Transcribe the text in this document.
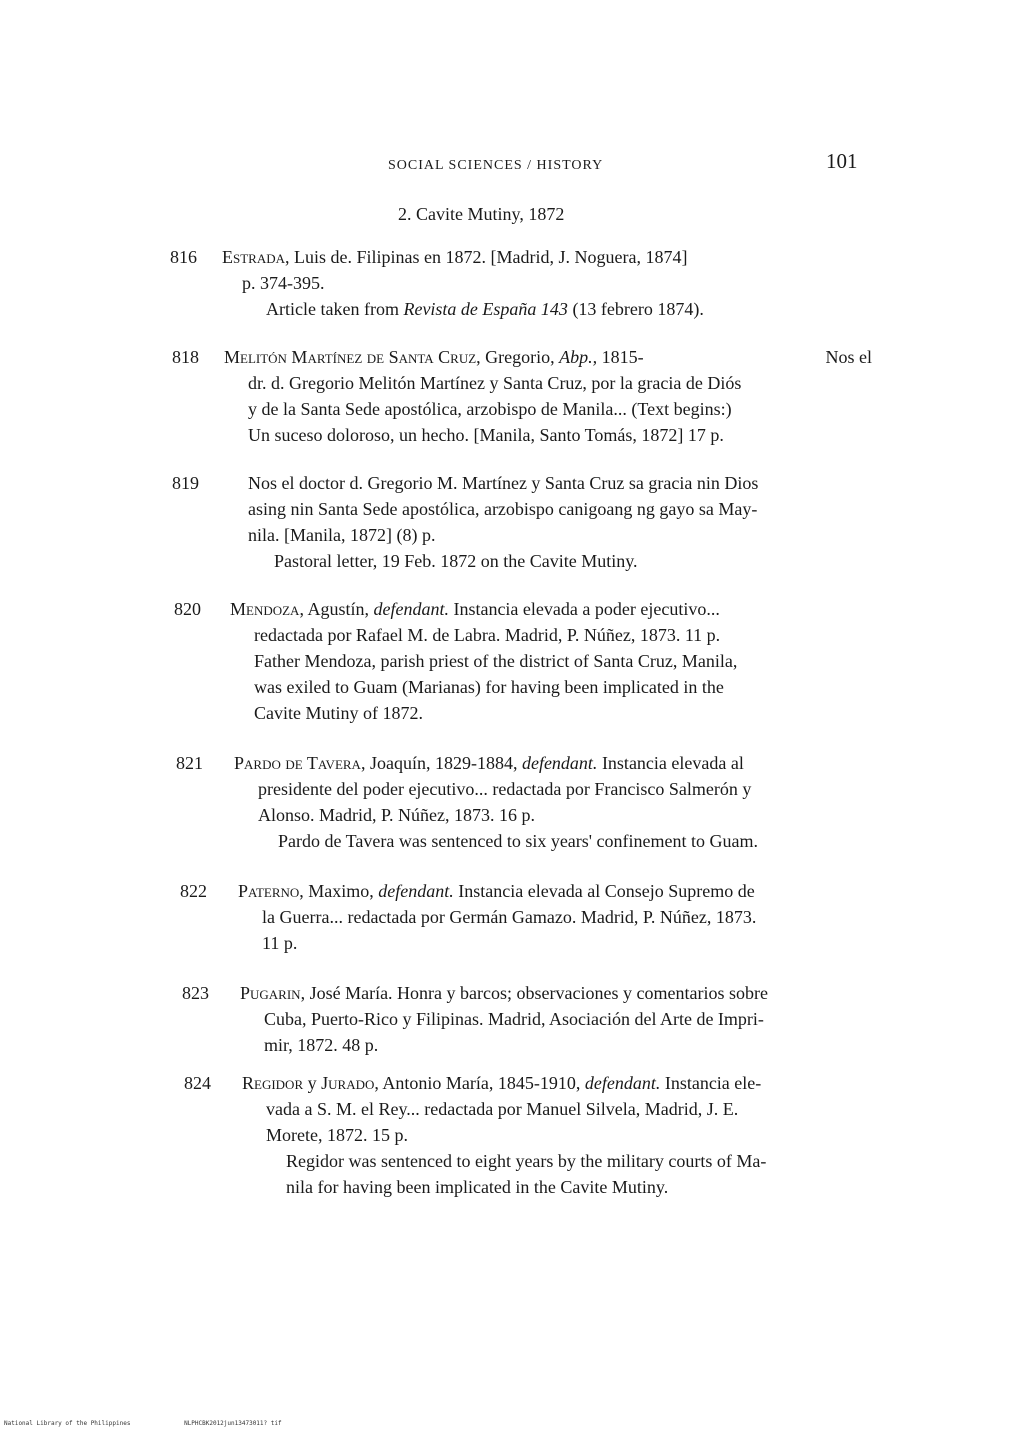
SOCIAL SCIENCES / HISTORY	101
2. Cavite Mutiny, 1872
816 Estrada, Luis de. Filipinas en 1872. [Madrid, J. Noguera, 1874]
p. 374-395.
Article taken from Revista de España 143 (13 febrero 1874).
818 Melitón Martínez de Santa Cruz, Gregorio, Abp., 1815-	Nos el
dr. d. Gregorio Melitón Martínez y Santa Cruz, por la gracia de Diós
y de la Santa Sede apostólica, arzobispo de Manila... (Text begins:)
Un suceso doloroso, un hecho. [Manila, Santo Tomás, 1872] 17 p.
819	Nos el doctor d. Gregorio M. Martínez y Santa Cruz sa gracia nin Dios
asing nin Santa Sede apostólica, arzobispo canigoang ng gayo sa May-
nila. [Manila, 1872] (8) p.
Pastoral letter, 19 Feb. 1872 on the Cavite Mutiny.
820 Mendoza, Agustín, defendant. Instancia elevada a poder ejecutivo...
redactada por Rafael M. de Labra. Madrid, P. Núñez, 1873. 11 p.
Father Mendoza, parish priest of the district of Santa Cruz, Manila,
was exiled to Guam (Marianas) for having been implicated in the
Cavite Mutiny of 1872.
821 Pardo de Tavera, Joaquín, 1829-1884, defendant. Instancia elevada al
presidente del poder ejecutivo... redactada por Francisco Salmerón y
Alonso. Madrid, P. Núñez, 1873. 16 p.
Pardo de Tavera was sentenced to six years' confinement to Guam.
822 Paterno, Maximo, defendant. Instancia elevada al Consejo Supremo de
la Guerra... redactada por Germán Gamazo. Madrid, P. Núñez, 1873.
11 p.
823 Pugarin, José María. Honra y barcos; observaciones y comentarios sobre
Cuba, Puerto-Rico y Filipinas. Madrid, Asociación del Arte de Impri-
mir, 1872. 48 p.
824 Regidor y Jurado, Antonio María, 1845-1910, defendant. Instancia ele-
vada a S. M. el Rey... redactada por Manuel Silvela, Madrid, J. E.
Morete, 1872. 15 p.
Regidor was sentenced to eight years by the military courts of Ma-
nila for having been implicated in the Cavite Mutiny.
National Library of the Philippines	NLPHCBK2012jun13473011? tif
